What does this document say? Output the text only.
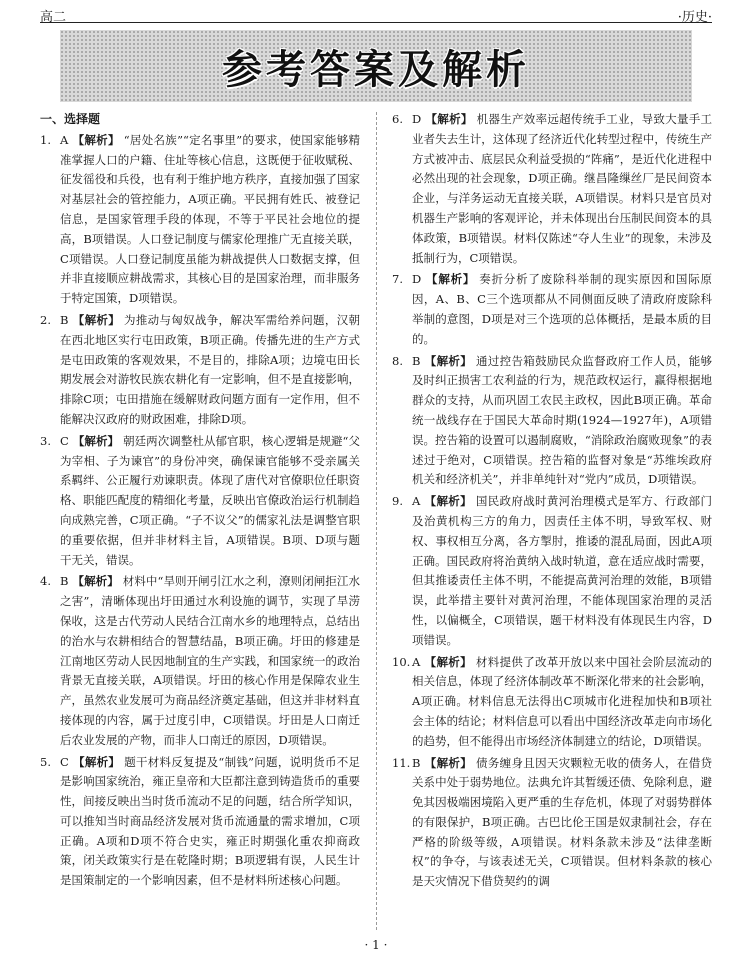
高二	·历史·
参考答案及解析
一、选择题
1. A 【解析】 “居处名族”“定名事里”的要求，使国家能够精准掌握人口的户籍、住址等核心信息，这既便于征收赋税、征发徭役和兵役，也有利于维护地方秩序，直接加强了国家对基层社会的管控能力，A项正确。平民拥有姓氏、被登记信息，是国家管理手段的体现，不等于平民社会地位的提高，B项错误。人口登记制度与儒家伦理推广无直接关联，C项错误。人口登记制度虽能为耕战提供人口数据支撑，但并非直接顺应耕战需求，其核心目的是国家治理，而非服务于特定国策，D项错误。
2. B 【解析】 为推动与匈奴战争，解决军需给养问题，汉朝在西北地区实行屯田政策，B项正确。传播先进的生产方式是屯田政策的客观效果，不是目的，排除A项；边境屯田长期发展会对游牧民族农耕化有一定影响，但不是直接影响，排除C项；屯田措施在缓解财政问题方面有一定作用，但不能解决汉政府的财政困难，排除D项。
3. C 【解析】 朝廷两次调整杜从郁官职，核心逻辑是规避“父为宰相、子为谏官”的身份冲突，确保谏官能够不受亲属关系羁绊、公正履行劝谏职责。体现了唐代对官僚职位任职资格、职能匹配度的精细化考量，反映出官僚政治运行机制趋向成熟完善，C项正确。“子不议父”的儒家礼法是调整官职的重要依据，但并非材料主旨，A项错误。B项、D项与题干无关，错误。
4. B 【解析】 材料中“旱则开闸引江水之利，潦则闭闸拒江水之害”，清晰体现出圩田通过水利设施的调节，实现了旱涝保收，这是古代劳动人民结合江南水乡的地理特点，总结出的治水与农耕相结合的智慧结晶，B项正确。圩田的修建是江南地区劳动人民因地制宜的生产实践，和国家统一的政治背景无直接关联，A项错误。圩田的核心作用是保障农业生产，虽然农业发展可为商品经济奠定基础，但这并非材料直接体现的内容，属于过度引申，C项错误。圩田是人口南迁后农业发展的产物，而非人口南迁的原因，D项错误。
5. C 【解析】 题干材料反复提及“制钱”问题，说明货币不足是影响国家统治，雍正皇帝和大臣都注意到铸造货币的重要性，间接反映出当时货币流动不足的问题，结合所学知识，可以推知当时商品经济发展对货币流通量的需求增加，C项正确。A项和D项不符合史实，雍正时期强化重农抑商政策，闭关政策实行是在乾隆时期；B项逻辑有误，人民生计是国策制定的一个影响因素，但不是材料所述核心问题。
6. D 【解析】 机器生产效率远超传统手工业，导致大量手工业者失去生计，这体现了经济近代化转型过程中，传统生产方式被冲击、底层民众利益受损的“阵痛”，是近代化进程中必然出现的社会现象，D项正确。继昌隆缫丝厂是民间资本企业，与洋务运动无直接关联，A项错误。材料只是官员对机器生产影响的客观评论，并未体现出台压制民间资本的具体政策，B项错误。材料仅陈述“夺人生业”的现象，未涉及抵制行为，C项错误。
7. D 【解析】 奏折分析了废除科举制的现实原因和国际原因，A、B、C三个选项都从不同侧面反映了清政府废除科举制的意图，D项是对三个选项的总体概括，是最本质的目的。
8. B 【解析】 通过控告箱鼓励民众监督政府工作人员，能够及时纠正损害工农利益的行为，规范政权运行，赢得根据地群众的支持，从而巩固工农民主政权，因此B项正确。革命统一战线存在于国民大革命时期(1924—1927年)，A项错误。控告箱的设置可以遏制腐败，“消除政治腐败现象”的表述过于绝对，C项错误。控告箱的监督对象是“苏维埃政府机关和经济机关”，并非单纯针对“党内”成员，D项错误。
9. A 【解析】 国民政府战时黄河治理模式是军方、行政部门及治黄机构三方的角力，因责任主体不明，导致军权、财权、事权相互分离，各方掣肘，推诿的混乱局面，因此A项正确。国民政府将治黄纳入战时轨道，意在适应战时需要，但其推诿责任主体不明，不能提高黄河治理的效能，B项错误，此举措主要针对黄河治理，不能体现国家治理的灵活性，以偏概全，C项错误，题干材料没有体现民生内容，D项错误。
10. A 【解析】 材料提供了改革开放以来中国社会阶层流动的相关信息，体现了经济体制改革不断深化带来的社会影响，A项正确。材料信息无法得出C项城市化进程加快和B项社会主体的结论；材料信息可以看出中国经济改革走向市场化的趋势，但不能得出市场经济体制建立的结论，D项错误。
11. B 【解析】 债务缠身且因天灾颗粒无收的债务人，在借贷关系中处于弱势地位。法典允许其暂缓还债、免除利息，避免其因极端困境陷入更严重的生存危机，体现了对弱势群体的有限保护，B项正确。古巴比伦王国是奴隶制社会，存在严格的阶级等级，A项错误。材料条款未涉及“法律垄断权”的争夺，与该表述无关，C项错误。但材料条款的核心是天灾情况下借贷契约的调
· 1 ·
